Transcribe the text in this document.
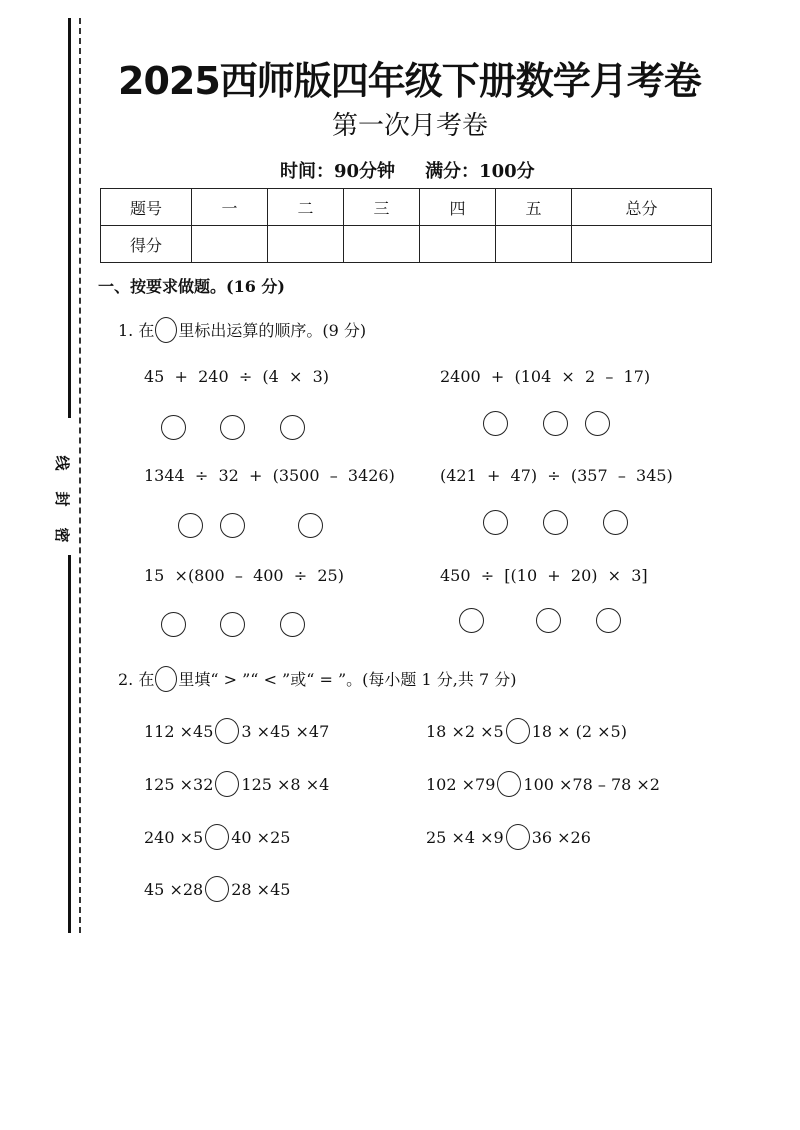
线
封
密
2025西师版四年级下册数学月考卷
第一次月考卷
时间：90分钟 满分：100分
题号	一	二	三	四	五	总分
得分						
一、按要求做题。(16 分)
1. 在 里标出运算的顺序。(9 分)
45  +  240  ÷  (4  ×  3)	2400  +  (104  ×  2  –  17)
1344  ÷  32  +  (3500  –  3426)	(421  +  47)  ÷  (357  –  345)
15  ×(800  –  400  ÷  25)	450  ÷  [(10  +  20)  ×  3]
2. 在 里填“ > ”“ < ”或“ = ”。(每小题 1 分,共 7 分)
112 ×45 3 ×45 ×47	18 ×2 ×5 18 × (2 ×5)
125 ×32 125 ×8 ×4	102 ×79 100 ×78 – 78 ×2
240 ×5 40 ×25	25 ×4 ×9 36 ×26
45 ×28 28 ×45
